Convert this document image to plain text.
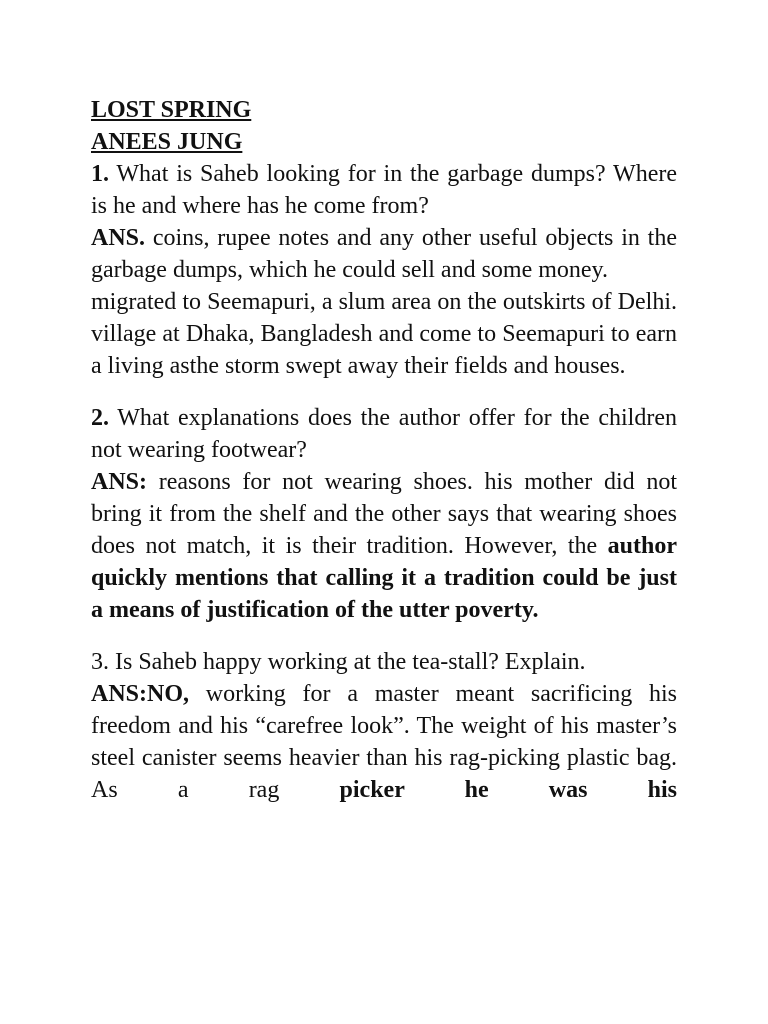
LOST SPRING
ANEES JUNG

1. What is Saheb looking for in the garbage dumps? Where is he and where has he come from?

ANS. coins, rupee notes and any other useful objects in the garbage dumps, which he could sell and some money.

migrated to Seemapuri, a slum area on the outskirts of Delhi. village at Dhaka, Bangladesh and come to Seemapuri to earn a living asthe storm swept away their fields and houses.

2. What explanations does the author offer for the children not wearing footwear?

ANS: reasons for not wearing shoes. his mother did not bring it from the shelf and the other says that wearing shoes does not match, it is their tradition. However, the author quickly mentions that calling it a tradition could be just a means of justification of the utter poverty.

3. Is Saheb happy working at the tea-stall? Explain.

ANS:NO, working for a master meant sacrificing his freedom and his “carefree look”. The weight of his master’s steel canister seems heavier than his rag-picking plastic bag. As a rag picker he was his
